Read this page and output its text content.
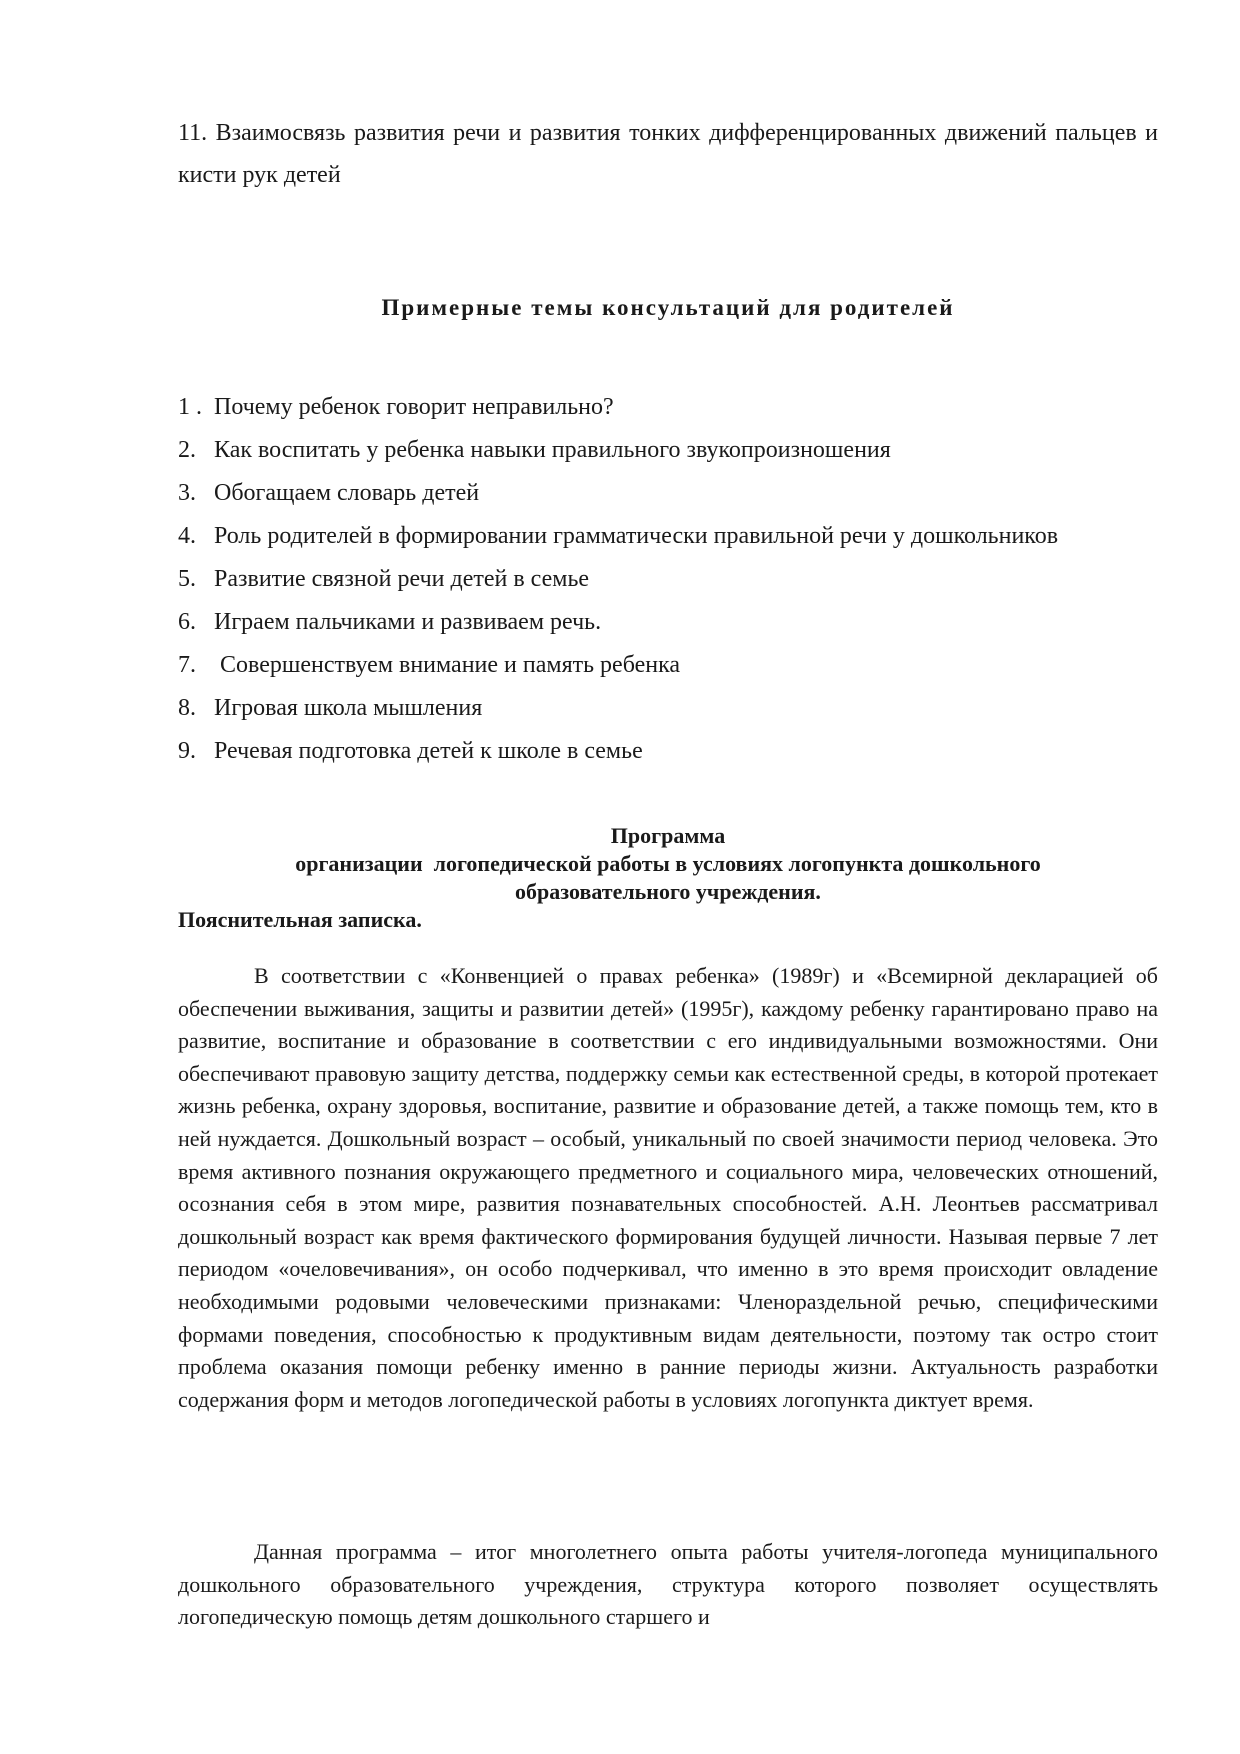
11. Взаимосвязь развития речи и развития тонких дифференцированных движений пальцев и кисти рук детей
Примерные темы консультаций для родителей
1 . Почему ребенок говорит неправильно?
2. Как воспитать у ребенка навыки правильного звукопроизношения
3. Обогащаем словарь детей
4. Роль родителей в формировании грамматически правильной речи у дошкольников
5. Развитие связной речи детей в семье
6. Играем пальчиками и развиваем речь.
7.  Совершенствуем внимание и память ребенка
8. Игровая школа мышления
9. Речевая подготовка детей к школе в семье
Программа
организации  логопедической работы в условиях логопункта дошкольного
образовательного учреждения.
Пояснительная записка.

В соответствии с «Конвенцией о правах ребенка» (1989г) и «Всемирной декларацией об обеспечении выживания, защиты и развитии детей» (1995г), каждому ребенку гарантировано право на развитие, воспитание и образование в соответствии с его индивидуальными возможностями. Они обеспечивают правовую защиту детства, поддержку семьи как естественной среды, в которой протекает жизнь ребенка, охрану здоровья, воспитание, развитие и образование детей, а также помощь тем, кто в ней нуждается. Дошкольный возраст – особый, уникальный по своей значимости период человека. Это время активного познания окружающего предметного и социального мира, человеческих отношений, осознания себя в этом мире, развития познавательных способностей. А.Н. Леонтьев рассматривал дошкольный возраст как время фактического формирования будущей личности. Называя первые 7 лет периодом «очеловечивания», он особо подчеркивал, что именно в это время происходит овладение необходимыми родовыми человеческими признаками: Членораздельной речью, специфическими формами поведения, способностью к продуктивным видам деятельности, поэтому так остро стоит проблема оказания помощи ребенку именно в ранние периоды жизни. Актуальность разработки содержания форм и методов логопедической работы в условиях логопункта диктует время.

Данная программа – итог многолетнего опыта работы учителя-логопеда муниципального дошкольного образовательного учреждения, структура которого позволяет осуществлять логопедическую помощь детям дошкольного старшего и
